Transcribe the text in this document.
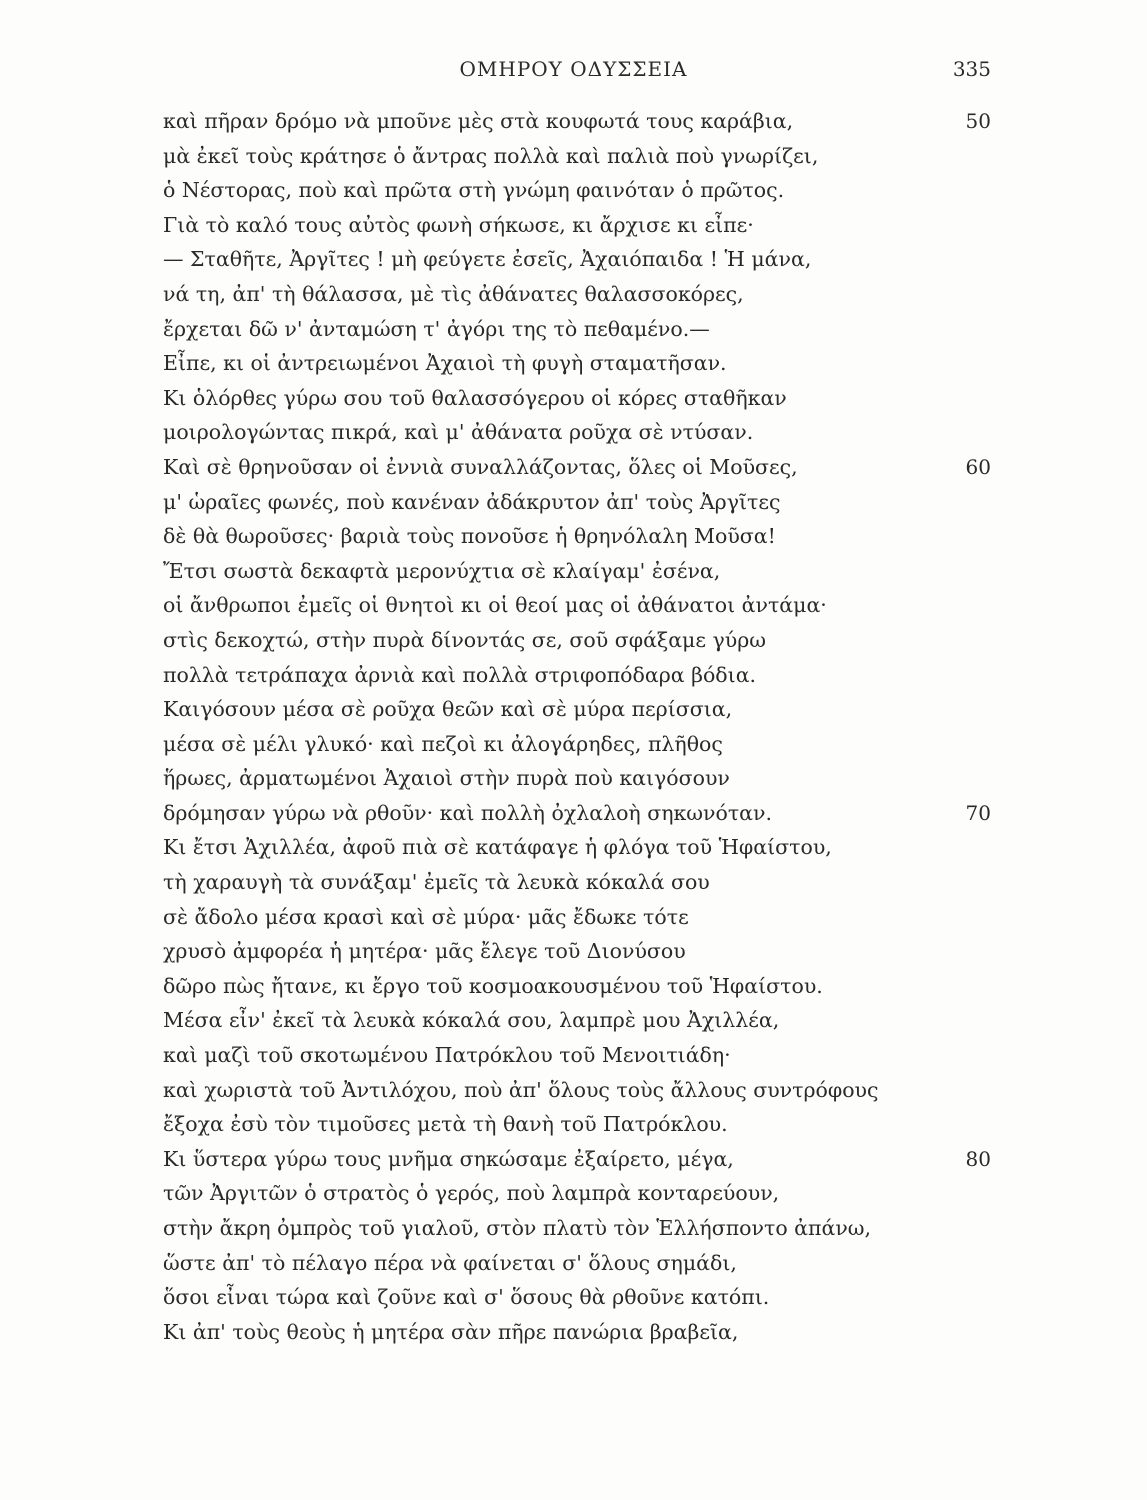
ΟΜΗΡΟΥ ΟΔΥΣΣΕΙΑ	335
καὶ πῆραν δρόμο νὰ μποῦνε μὲς στὰ κουφωτά τους καράβια,	50
μὰ ἐκεῖ τοὺς κράτησε ὁ ἄντρας πολλὰ καὶ παλιὰ ποὺ γνωρίζει,
ὁ Νέστορας, ποὺ καὶ πρῶτα στὴ γνώμη φαινόταν ὁ πρῶτος.
Γιὰ τὸ καλό τους αὐτὸς φωνὴ σήκωσε, κι ἄρχισε κι εἶπε·
— Σταθῆτε, Ἀργῖτες ! μὴ φεύγετε ἐσεῖς, Ἀχαιόπαιδα ! Ἡ μάνα,
νά τη, ἀπ' τὴ θάλασσα, μὲ τὶς ἀθάνατες θαλασσοκόρες,
ἔρχεται δῶ ν' ἀνταμώση τ' ἀγόρι της τὸ πεθαμένο.—
Εἶπε, κι οἱ ἀντρειωμένοι Ἀχαιοὶ τὴ φυγὴ σταματῆσαν.
Κι ὁλόρθες γύρω σου τοῦ θαλασσόγερου οἱ κόρες σταθῆκαν
μοιρολογώντας πικρά, καὶ μ' ἀθάνατα ροῦχα σὲ ντύσαν.
Καὶ σὲ θρηνοῦσαν οἱ ἐννιὰ συναλλάζοντας, ὅλες οἱ Μοῦσες,	60
μ' ὡραῖες φωνές, ποὺ κανέναν ἀδάκρυτον ἀπ' τοὺς Ἀργῖτες
δὲ θὰ θωροῦσες· βαριὰ τοὺς πονοῦσε ἡ θρηνόλαλη Μοῦσα!
Ἔτσι σωστὰ δεκαφτὰ μερονύχτια σὲ κλαίγαμ' ἐσένα,
οἱ ἄνθρωποι ἐμεῖς οἱ θνητοὶ κι οἱ θεοί μας οἱ ἀθάνατοι ἀντάμα·
στὶς δεκοχτώ, στὴν πυρὰ δίνοντάς σε, σοῦ σφάξαμε γύρω
πολλὰ τετράπαχα ἀρνιὰ καὶ πολλὰ στριφοπόδαρα βόδια.
Καιγόσουν μέσα σὲ ροῦχα θεῶν καὶ σὲ μύρα περίσσια,
μέσα σὲ μέλι γλυκό· καὶ πεζοὶ κι ἀλογάρηδες, πλῆθος
ἥρωες, ἀρματωμένοι Ἀχαιοὶ στὴν πυρὰ ποὺ καιγόσουν
δρόμησαν γύρω νὰ ρθοῦν· καὶ πολλὴ ὀχλαλοὴ σηκωνόταν.	70
Κι ἔτσι Ἀχιλλέα, ἀφοῦ πιὰ σὲ κατάφαγε ἡ φλόγα τοῦ Ἡφαίστου,
τὴ χαραυγὴ τὰ συνάξαμ' ἐμεῖς τὰ λευκὰ κόκαλά σου
σὲ ἄδολο μέσα κρασὶ καὶ σὲ μύρα· μᾶς ἔδωκε τότε
χρυσὸ ἀμφορέα ἡ μητέρα· μᾶς ἔλεγε τοῦ Διονύσου
δῶρο πὼς ἤτανε, κι ἔργο τοῦ κοσμοακουσμένου τοῦ Ἡφαίστου.
Μέσα εἶν' ἐκεῖ τὰ λευκὰ κόκαλά σου, λαμπρὲ μου Ἀχιλλέα,
καὶ μαζὶ τοῦ σκοτωμένου Πατρόκλου τοῦ Μενοιτιάδη·
καὶ χωριστὰ τοῦ Ἀντιλόχου, ποὺ ἀπ' ὅλους τοὺς ἄλλους συντρόφους
ἔξοχα ἐσὺ τὸν τιμοῦσες μετὰ τὴ θανὴ τοῦ Πατρόκλου.
Κι ὕστερα γύρω τους μνῆμα σηκώσαμε ἐξαίρετο, μέγα,	80
τῶν Ἀργιτῶν ὁ στρατὸς ὁ γερός, ποὺ λαμπρὰ κονταρεύουν,
στὴν ἄκρη ὀμπρὸς τοῦ γιαλοῦ, στὸν πλατὺ τὸν Ἑλλήσποντο ἀπάνω,
ὥστε ἀπ' τὸ πέλαγο πέρα νὰ φαίνεται σ' ὅλους σημάδι,
ὅσοι εἶναι τώρα καὶ ζοῦνε καὶ σ' ὅσους θὰ ρθοῦνε κατόπι.
Κι ἀπ' τοὺς θεοὺς ἡ μητέρα σὰν πῆρε πανώρια βραβεῖα,
